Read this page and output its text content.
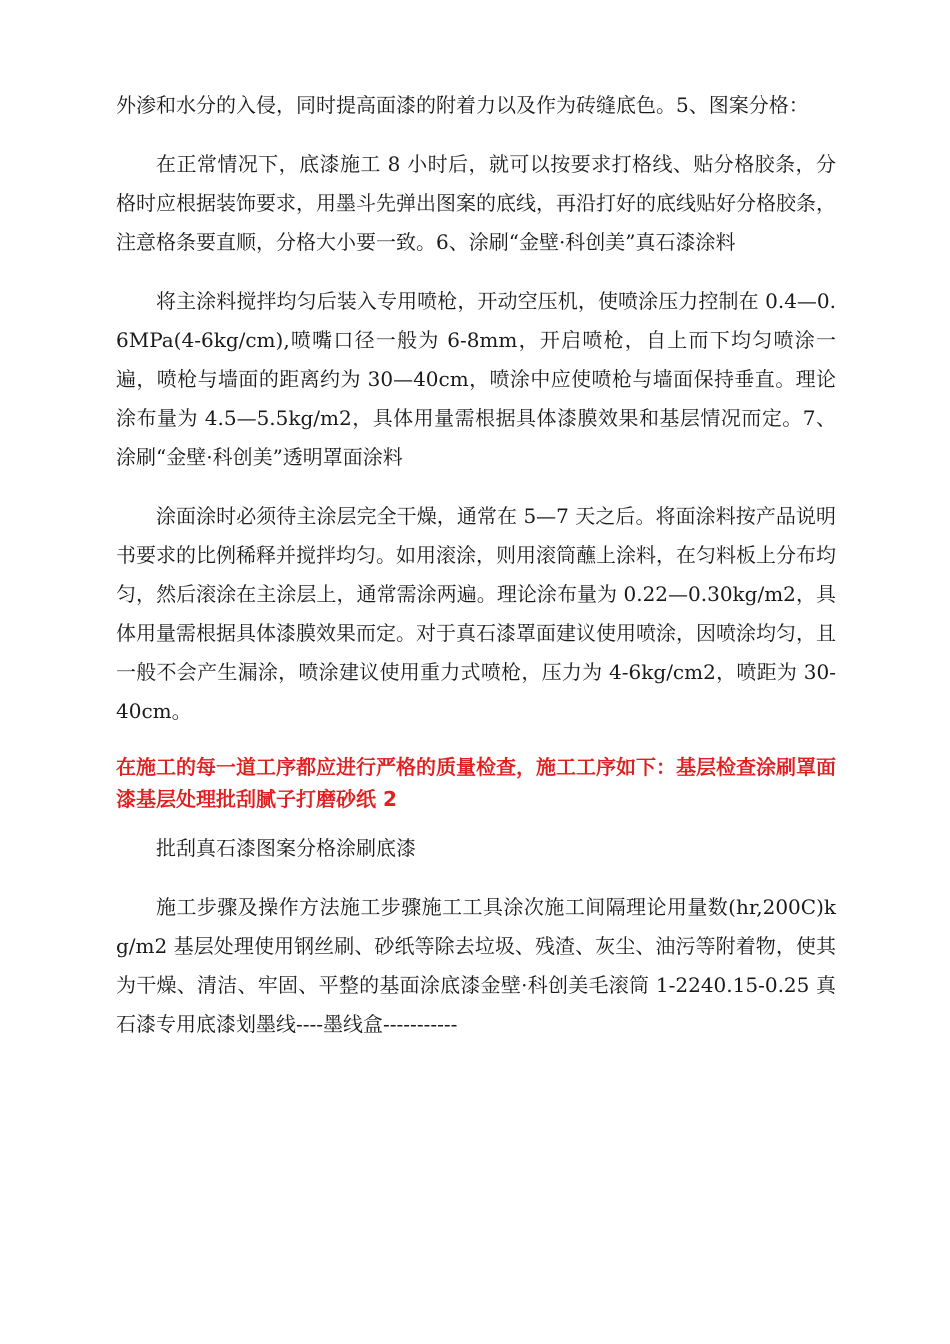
外渗和水分的入侵，同时提高面漆的附着力以及作为砖缝底色。5、图案分格：

在正常情况下，底漆施工 8 小时后，就可以按要求打格线、贴分格胶条，分格时应根据装饰要求，用墨斗先弹出图案的底线，再沿打好的底线贴好分格胶条，注意格条要直顺，分格大小要一致。6、涂刷“金壁·科创美”真石漆涂料

将主涂料搅拌均匀后装入专用喷枪，开动空压机，使喷涂压力控制在 0.4—0.6MPa(4-6kg/cm),喷嘴口径一般为 6-8mm，开启喷枪，自上而下均匀喷涂一遍，喷枪与墙面的距离约为 30—40cm，喷涂中应使喷枪与墙面保持垂直。理论涂布量为 4.5—5.5kg/m2，具体用量需根据具体漆膜效果和基层情况而定。7、涂刷“金壁·科创美”透明罩面涂料

涂面涂时必须待主涂层完全干燥，通常在 5—7 天之后。将面涂料按产品说明书要求的比例稀释并搅拌均匀。如用滚涂，则用滚筒蘸上涂料，在匀料板上分布均匀，然后滚涂在主涂层上，通常需涂两遍。理论涂布量为 0.22—0.30kg/m2，具体用量需根据具体漆膜效果而定。对于真石漆罩面建议使用喷涂，因喷涂均匀，且一般不会产生漏涂，喷涂建议使用重力式喷枪，压力为 4-6kg/cm2，喷距为 30-40cm。

在施工的每一道工序都应进行严格的质量检查，施工工序如下：基层检查涂刷罩面漆基层处理批刮腻子打磨砂纸 2

批刮真石漆图案分格涂刷底漆

施工步骤及操作方法施工步骤施工工具涂次施工间隔理论用量数(hr,200C)kg/m2 基层处理使用钢丝刷、砂纸等除去垃圾、残渣、灰尘、油污等附着物，使其为干燥、清洁、牢固、平整的基面涂底漆金壁·科创美毛滚筒 1-2240.15-0.25 真石漆专用底漆划墨线----墨线盒-----------
